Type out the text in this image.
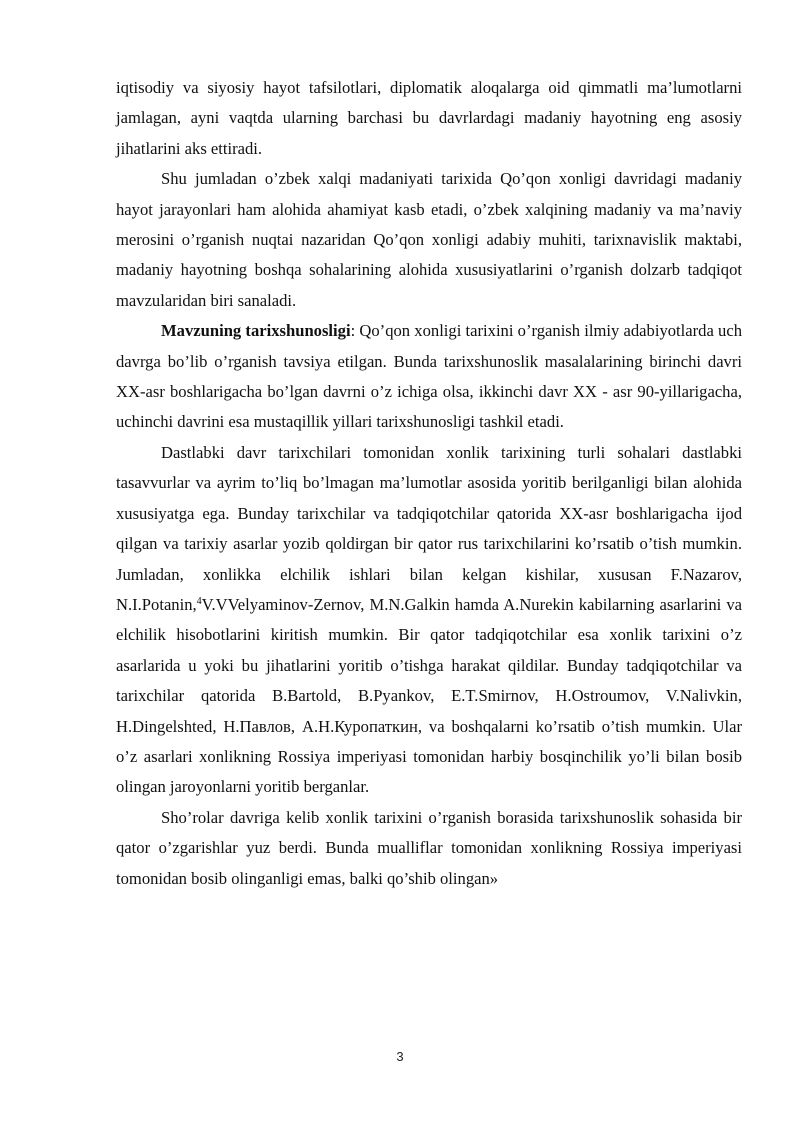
iqtisodiy va siyosiy hayot tafsilotlari, diplomatik aloqalarga oid qimmatli ma’lumotlarni jamlagan, ayni vaqtda ularning barchasi bu davrlardagi madaniy hayotning eng asosiy jihatlarini aks ettiradi.

Shu jumladan o’zbek xalqi madaniyati tarixida Qo’qon xonligi davridagi madaniy hayot jarayonlari ham alohida ahamiyat kasb etadi, o’zbek xalqining madaniy va ma’naviy merosini o’rganish nuqtai nazaridan Qo’qon xonligi adabiy muhiti, tarixnavislik maktabi, madaniy hayotning boshqa sohalarining alohida xususiyatlarini o’rganish dolzarb tadqiqot mavzularidan biri sanaladi.

Mavzuning tarixshunosligi: Qo’qon xonligi tarixini o’rganish ilmiy adabiyotlarda uch davrga bo’lib o’rganish tavsiya etilgan. Bunda tarixshunoslik masalalarining birinchi davri XX-asr boshlarigacha bo’lgan davrni o’z ichiga olsa, ikkinchi davr XX - asr 90-yillarigacha, uchinchi davrini esa mustaqillik yillari tarixshunosligi tashkil etadi.

Dastlabki davr tarixchilari tomonidan xonlik tarixining turli sohalari dastlabki tasavvurlar va ayrim to’liq bo’lmagan ma’lumotlar asosida yoritib berilganligi bilan alohida xususiyatga ega. Bunday tarixchilar va tadqiqotchilar qatorida XX-asr boshlarigacha ijod qilgan va tarixiy asarlar yozib qoldirgan bir qator rus tarixchilarini ko’rsatib o’tish mumkin. Jumladan, xonlikka elchilik ishlari bilan kelgan kishilar, xususan F.Nazarov, N.I.Potanin,$^4$V.VVelyaminov-Zernov, M.N.Galkin hamda A.Nurekin kabilarning asarlarini va elchilik hisobotlarini kiritish mumkin. Bir qator tadqiqotchilar esa xonlik tarixini o’z asarlarida u yoki bu jihatlarini yoritib o’tishga harakat qildilar. Bunday tadqiqotchilar va tarixchilar qatorida B.Bartold, B.Pyankov, E.T.Smirnov, H.Ostroumov, V.Nalivkin, H.Dingelshted, H.Павлов, A.H.Куропаткин, va boshqalarni ko’rsatib o’tish mumkin. Ular o’z asarlari xonlikning Rossiya imperiyasi tomonidan harbiy bosqinchilik yo’li bilan bosib olingan jaroyonlarni yoritib berganlar.

Sho’rolar davriga kelib xonlik tarixini o’rganish borasida tarixshunoslik sohasida bir qator o’zgarishlar yuz berdi. Bunda mualliflar tomonidan xonlikning Rossiya imperiyasi tomonidan bosib olinganligi emas, balki qo’shib olingan»

3
